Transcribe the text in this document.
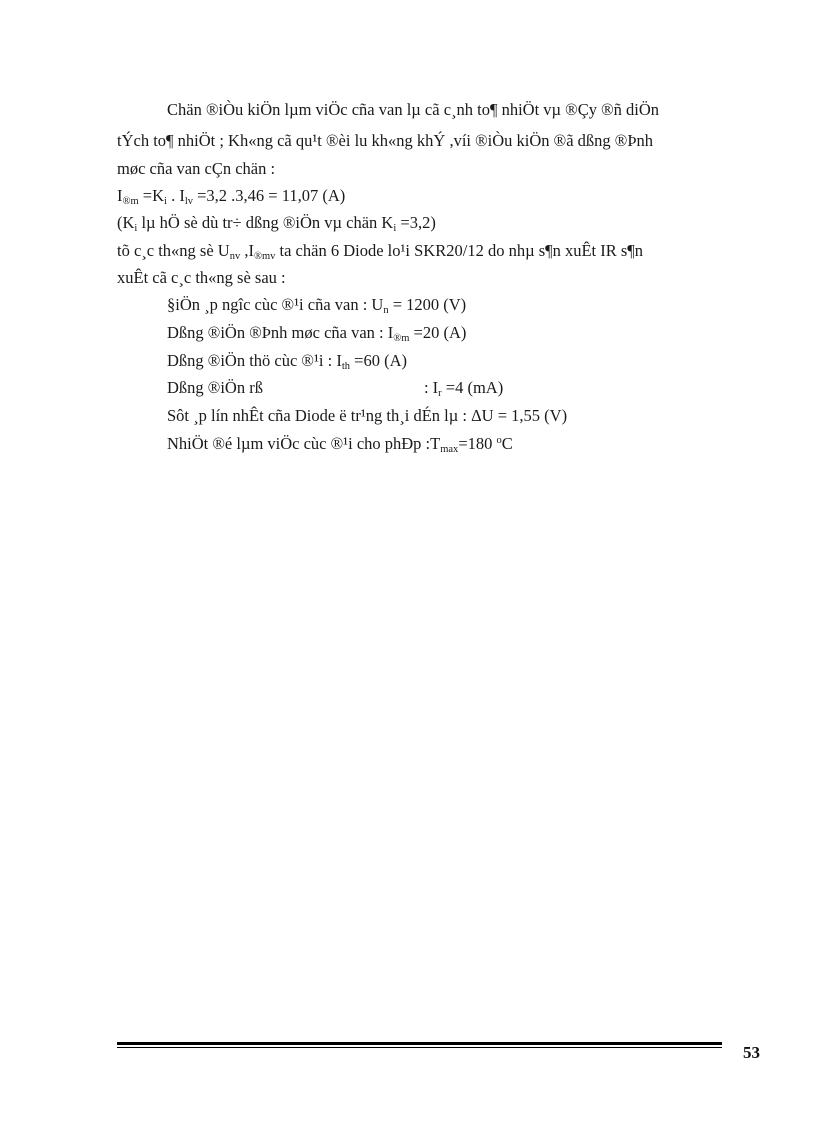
Chän ®iÒu kiÖn lµm viÖc cña van lµ cã c¸nh to¶ nhiÖt vµ ®Çy ®ñ diÖn
tÝch to¶ nhiÖt ; Kh«ng cã qu¹t ®èi lu kh«ng khÝ ,víi ®iÒu kiÖn ®ã dßng ®Þnh
møc cña van cÇn chän :
$I_{®m} =K_i$ . $I_{lv} =3,2$ .3,46 = 11,07 (A)
($K_i$ lµ hÖ sè dù tr÷ dßng ®iÖn vµ chän $K_i =3,2$)
tõ c¸c th«ng sè $U_{nv}$ $,I_{®mv}$ ta chän 6 Diode lo¹i SKR20/12 do nhµ s¶n xuÊt IR s¶n
xuÊt cã c¸c th«ng sè sau :
§iÖn ¸p ngîc cùc ®¹i cña van : $U_n = 1200$ (V)
Dßng ®iÖn ®Þnh møc cña van : $I_{®m} =20$ (A)
Dßng ®iÖn thö cùc ®¹i : $I_{th} =60$ (A)
Dßng ®iÖn rß	: $I_r =4$ (mA)
Sôt ¸p lín nhÊt cña Diode ë tr¹ng th¸i dÉn lµ : ΔU = 1,55 (V)
NhiÖt ®é lµm viÖc cùc ®¹i cho phÐp $:T_{max}=180$ $^o$C
53
